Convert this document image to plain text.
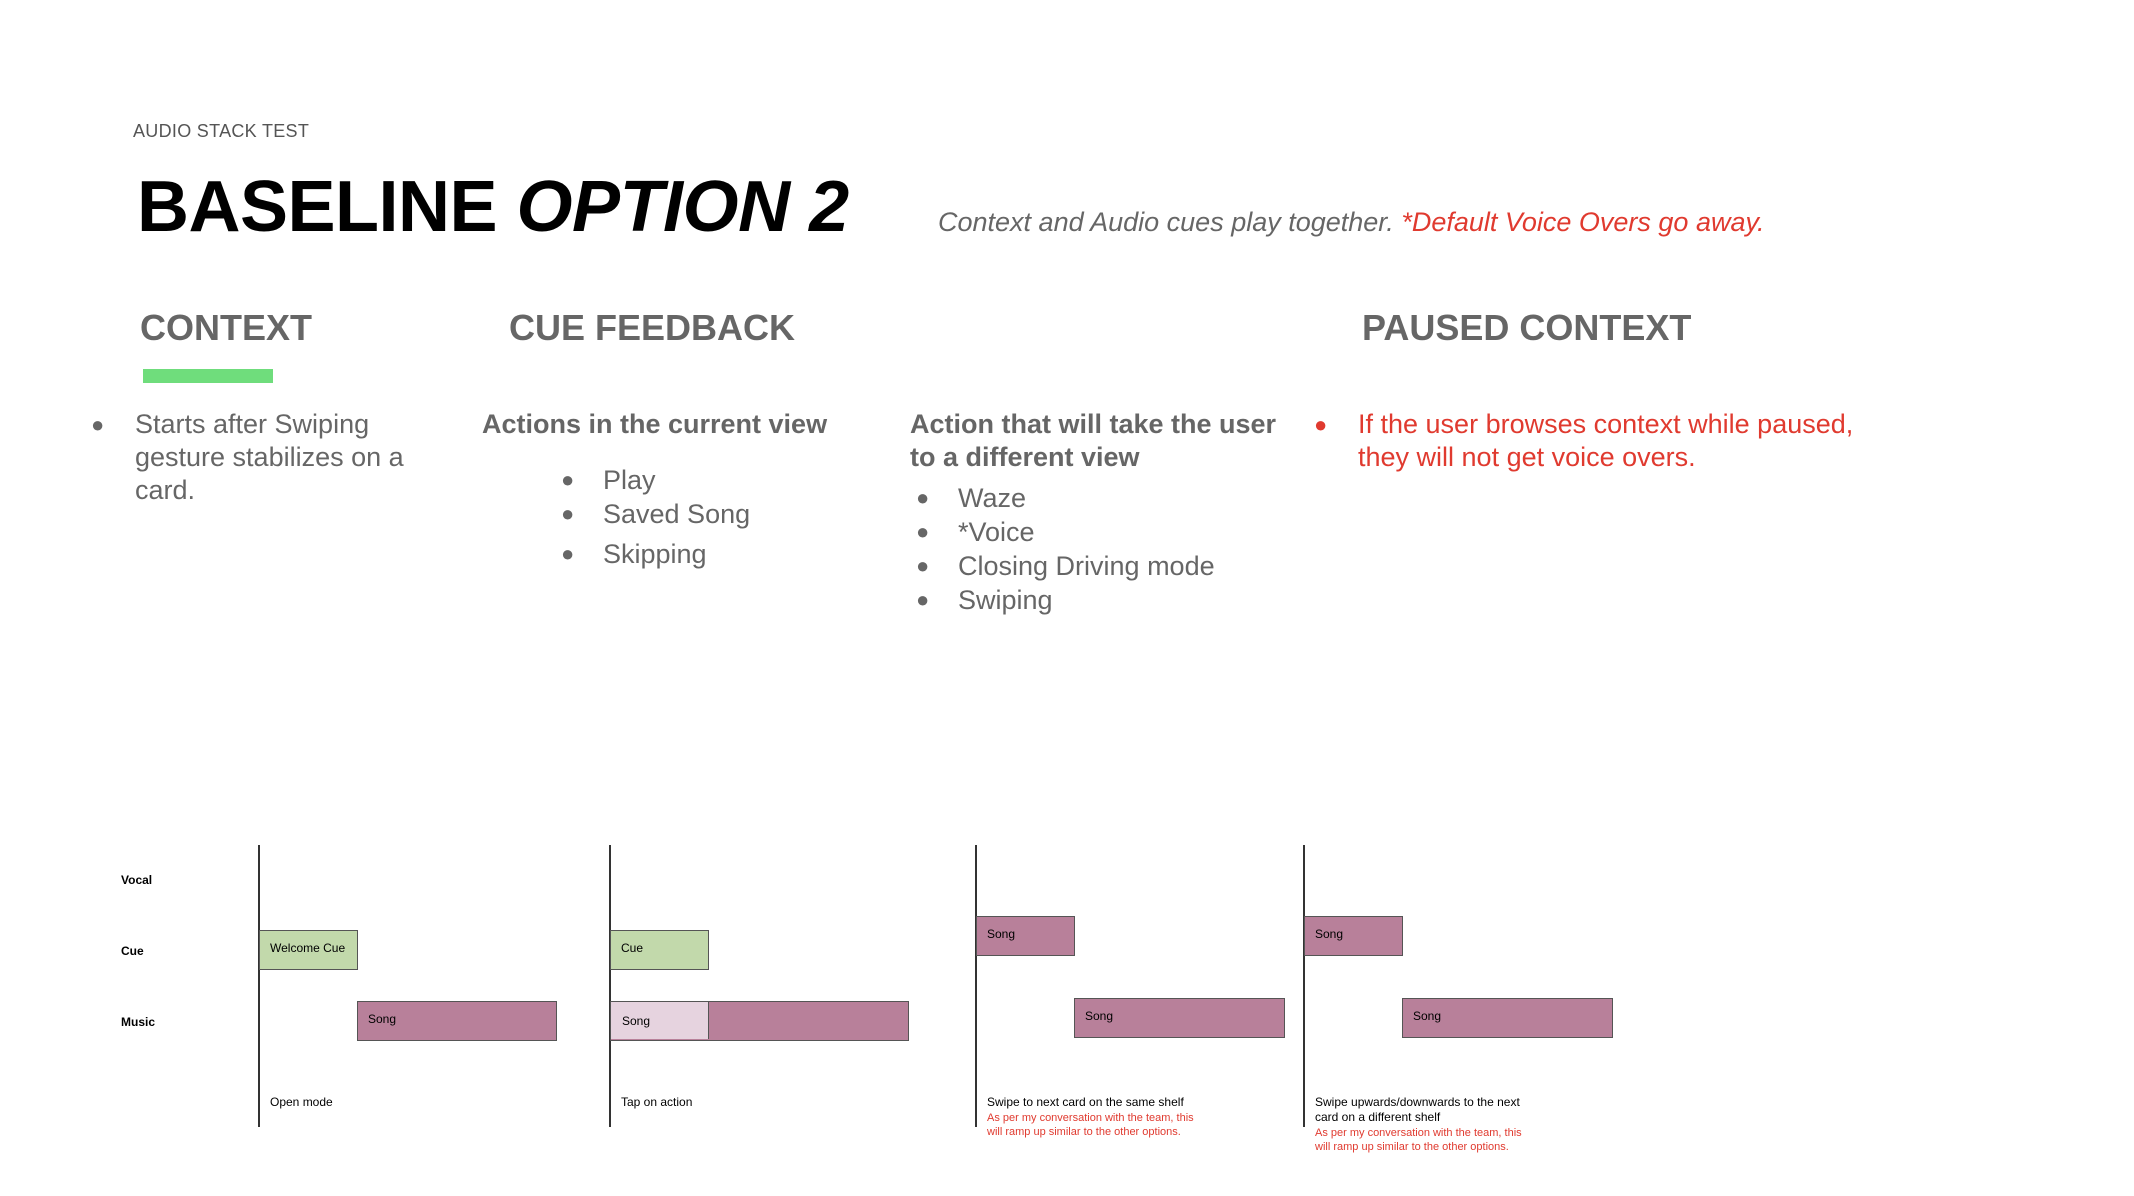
AUDIO STACK TEST
BASELINE OPTION 2	Context and Audio cues play together. *Default Voice Overs go away.
CONTEXT	CUE FEEDBACK	PAUSED CONTEXT
● Starts after Swiping gesture stabilizes on a card.
Actions in the current view
● Play
● Saved Song
● Skipping
Action that will take the user to a different view
● Waze
● *Voice
● Closing Driving mode
● Swiping
● If the user browses context while paused, they will not get voice overs.
Vocal
Cue
Music
Welcome Cue
Song
Open mode
Cue
Song
Tap on action
Song
Song
Swipe to next card on the same shelf
As per my conversation with the team, this will ramp up similar to the other options.
Song
Song
Swipe upwards/downwards to the next card on a different shelf
As per my conversation with the team, this will ramp up similar to the other options.
